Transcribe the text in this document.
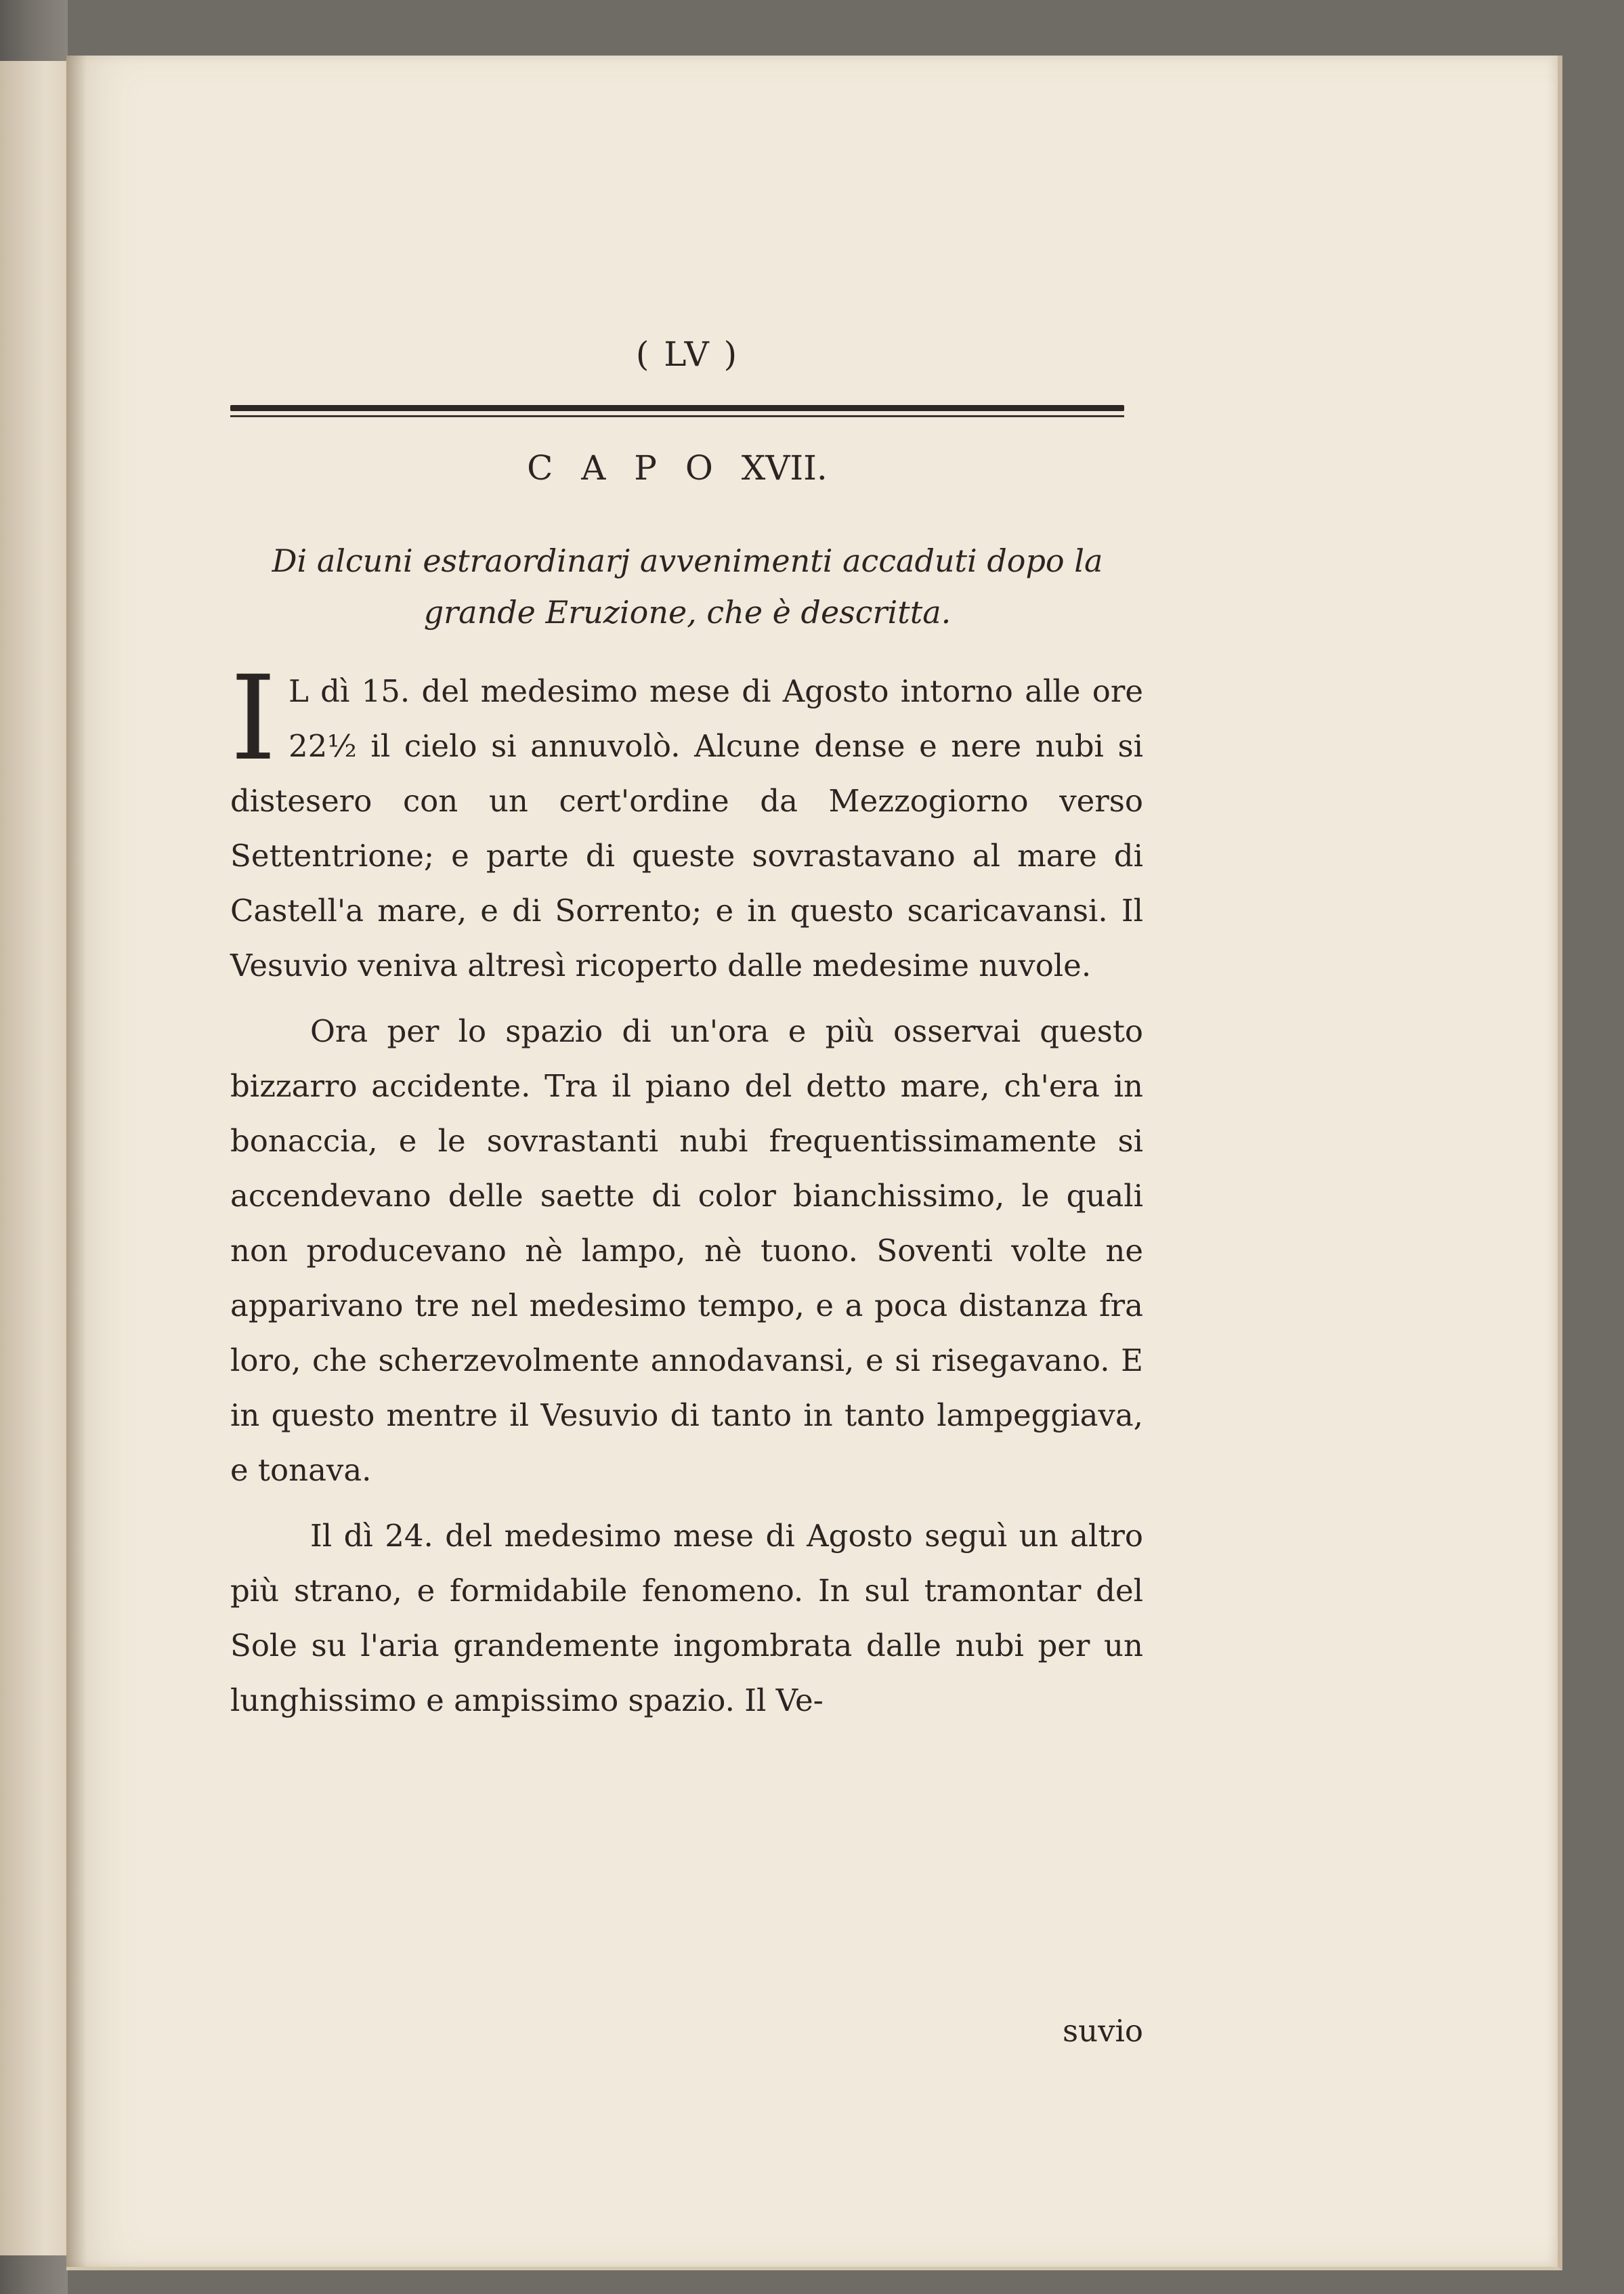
( LV )
C A P O XVII.
Di alcuni estraordinarj avvenimenti accaduti dopo la grande Eruzione, che è descritta.

I L dì 15. del medesimo mese di Agosto intorno alle ore 22½ il cielo si annuvolò. Alcune dense e nere nubi si distesero con un cert'ordine da Mezzogiorno verso Settentrione; e parte di queste sovrastavano al mare di Castell'a mare, e di Sorrento; e in questo scaricavansi. Il Vesuvio veniva altresì ricoperto dalle medesime nuvole.

Ora per lo spazio di un'ora e più osservai questo bizzarro accidente. Tra il piano del detto mare, ch'era in bonaccia, e le sovrastanti nubi frequentissimamente si accendevano delle saette di color bianchissimo, le quali non producevano nè lampo, nè tuono. Soventi volte ne apparivano tre nel medesimo tempo, e a poca distanza fra loro, che scherzevolmente annodavansi, e si risegavano. E in questo mentre il Vesuvio di tanto in tanto lampeggiava, e tonava.

Il dì 24. del medesimo mese di Agosto seguì un altro più strano, e formidabile fenomeno. In sul tramontar del Sole su l'aria grandemente ingombrata dalle nubi per un lunghissimo e ampissimo spazio. Il Ve-

suvio
